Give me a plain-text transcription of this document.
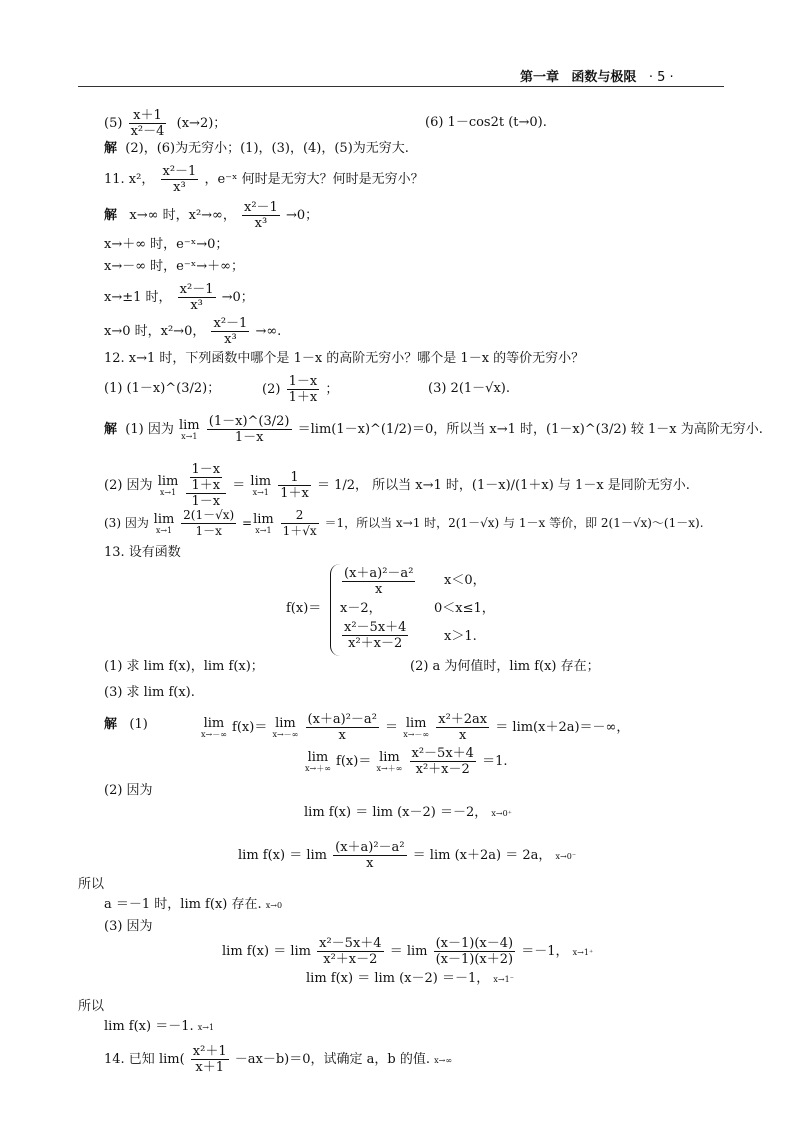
第一章 函数与极限 · 5 ·
$(5) \frac{x+1}{\text{x²－4}} (x\to 2)$；	(6) 1－cos2t (t→0).
解 (2)，(6)为无穷小；(1)，(3)，(4)，(5)为无穷大.
11. x²， $\frac{\text{x²－1}}{\text{x³}}$ ，e⁻ˣ 何时是无穷大？何时是无穷小？
解 x→∞ 时，x²→∞， $\frac{\text{x²－1}}{\text{x³}} \to 0$；
x→＋∞ 时，e⁻ˣ→0；
x→－∞ 时，e⁻ˣ→＋∞；
x→±1 时， $\frac{\text{x²－1}}{\text{x³}} \to 0$；
x→0 时，x²→0， $\frac{\text{x²－1}}{\text{x³}}$ →∞.
12. x→1 时，下列函数中哪个是 1－x 的高阶无穷小？哪个是 1－x 的等价无穷小？
(1) (1－x)^(3/2)；	$(2) \frac{1-x}{1+x}$ ；	(3) 2(1－√x).
解 (1) 因为 lim
x→1
$\frac{(1-x)\^{}(3/2)}{1-x}$ ＝lim(1－x)^(1/2)＝0，所以当 x→1 时，(1－x)^(3/2) 较 1－x 为高阶无穷小.
(2) 因为 lim
x→1
$\frac{\frac{1-x}{1+x}}{1-x} = \lim$
x→1
$\frac{1}{1+x} = 1/2$， 所以当 x→1 时，(1－x)/(1＋x) 与 1－x 是同阶无穷小.
(3) 因为 lim
x→1
$\frac{2(1-√x)}{1-x} = \lim$
x→1
$\frac{2}{1+√x} =1$，所以当 x→1 时，2(1－√x) 与 1－x 等价，即 2(1－√x)～(1－x).
13. 设有函数
f(x)＝
$\frac{\text{(x＋a)²－a²}}{x} x<0$，
x－2，	0＜x≤1，
$\frac{\text{x²－5x＋4}}{\text{x²＋x－2}}$	x＞1.
(1) 求 lim f(x)，lim f(x)；	(2) a 为何值时，lim f(x) 存在；
(3) 求 lim f(x).
解 (1)	lim
x→－∞ f(x)＝ lim
x→－∞
$\frac{\text{(x＋a)²－a²}}{x} = \lim$
x→－∞
$\frac{\text{x²＋2ax}}{x} = \lim(x+2a)=-\infty$，
lim
x→＋∞ f(x)＝ lim
x→＋∞
$\frac{\text{x²－5x＋4}}{\text{x²＋x－2}} =1$.
(2) 因为
lim f(x) ＝ lim (x－2) ＝－2， x→0⁺
$\lim f(x) = \lim \frac{\text{(x＋a)²－a²}}{x} = \lim (x+2a) = 2a$， x→0⁻
所以
a ＝－1 时，lim f(x) 存在. x→0
(3) 因为
$\lim f(x) = \lim \frac{\text{x²－5x＋4}}{\text{x²＋x－2}} = \lim \frac{(x-1)(x-4)}{(x-1)(x+2)} =-1$， x→1⁺
lim f(x) ＝ lim (x－2) ＝－1， x→1⁻
所以
lim f(x) ＝－1. x→1
14. 已知 $\lim( \frac{\text{x²＋1}}{x+1} -ax-b)=0$，试确定 a，b 的值. x→∞
